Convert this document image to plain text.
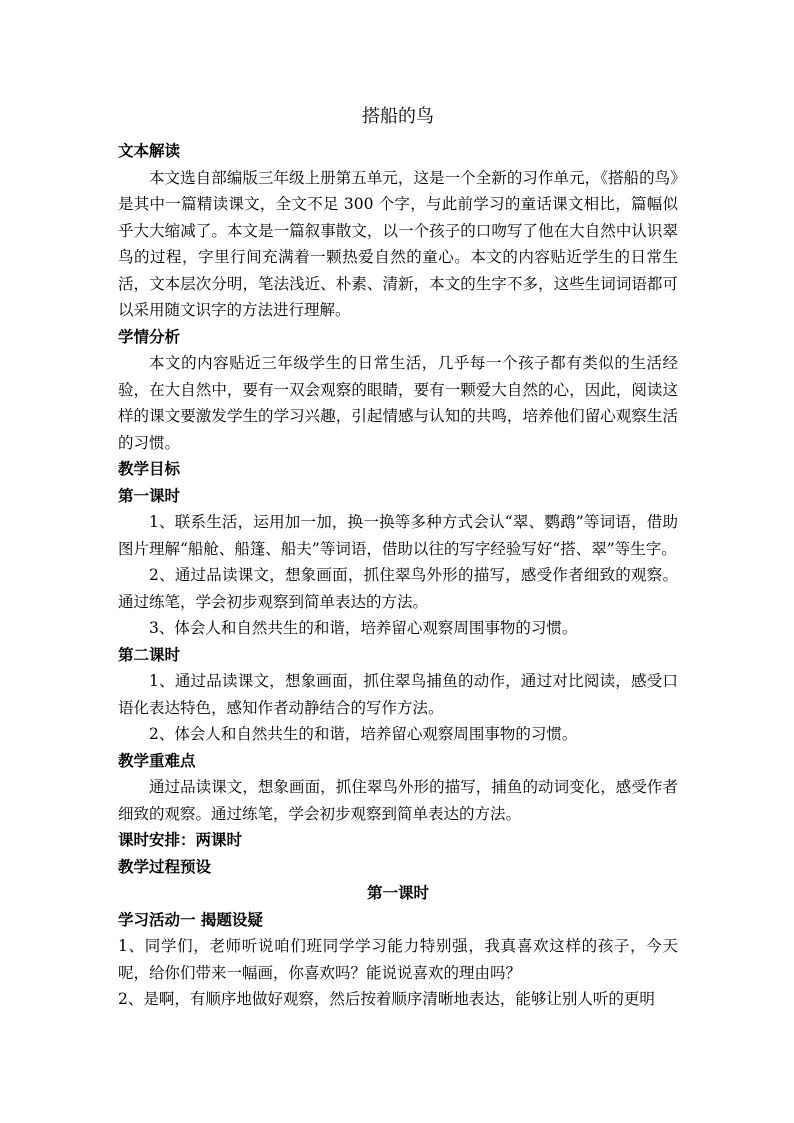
搭船的鸟
文本解读

本文选自部编版三年级上册第五单元，这是一个全新的习作单元，《搭船的鸟》是其中一篇精读课文，全文不足 300 个字，与此前学习的童话课文相比，篇幅似乎大大缩减了。本文是一篇叙事散文，以一个孩子的口吻写了他在大自然中认识翠鸟的过程，字里行间充满着一颗热爱自然的童心。本文的内容贴近学生的日常生活，文本层次分明，笔法浅近、朴素、清新，本文的生字不多，这些生词词语都可以采用随文识字的方法进行理解。

学情分析

本文的内容贴近三年级学生的日常生活，几乎每一个孩子都有类似的生活经验，在大自然中，要有一双会观察的眼睛，要有一颗爱大自然的心，因此，阅读这样的课文要激发学生的学习兴趣，引起情感与认知的共鸣，培养他们留心观察生活的习惯。

教学目标
第一课时

1、联系生活，运用加一加，换一换等多种方式会认“翠、鹦鹉”等词语，借助图片理解“船舱、船篷、船夫”等词语，借助以往的写字经验写好“搭、翠”等生字。

2、通过品读课文，想象画面，抓住翠鸟外形的描写，感受作者细致的观察。通过练笔，学会初步观察到简单表达的方法。

3、体会人和自然共生的和谐，培养留心观察周围事物的习惯。

第二课时

1、通过品读课文，想象画面，抓住翠鸟捕鱼的动作，通过对比阅读，感受口语化表达特色，感知作者动静结合的写作方法。

2、体会人和自然共生的和谐，培养留心观察周围事物的习惯。

教学重难点

通过品读课文，想象画面，抓住翠鸟外形的描写，捕鱼的动词变化，感受作者细致的观察。通过练笔，学会初步观察到简单表达的方法。

课时安排：两课时
教学过程预设
第一课时
学习活动一 揭题设疑

1、同学们，老师听说咱们班同学学习能力特别强，我真喜欢这样的孩子，今天呢，给你们带来一幅画，你喜欢吗？能说说喜欢的理由吗？

2、是啊，有顺序地做好观察，然后按着顺序清晰地表达，能够让别人听的更明
